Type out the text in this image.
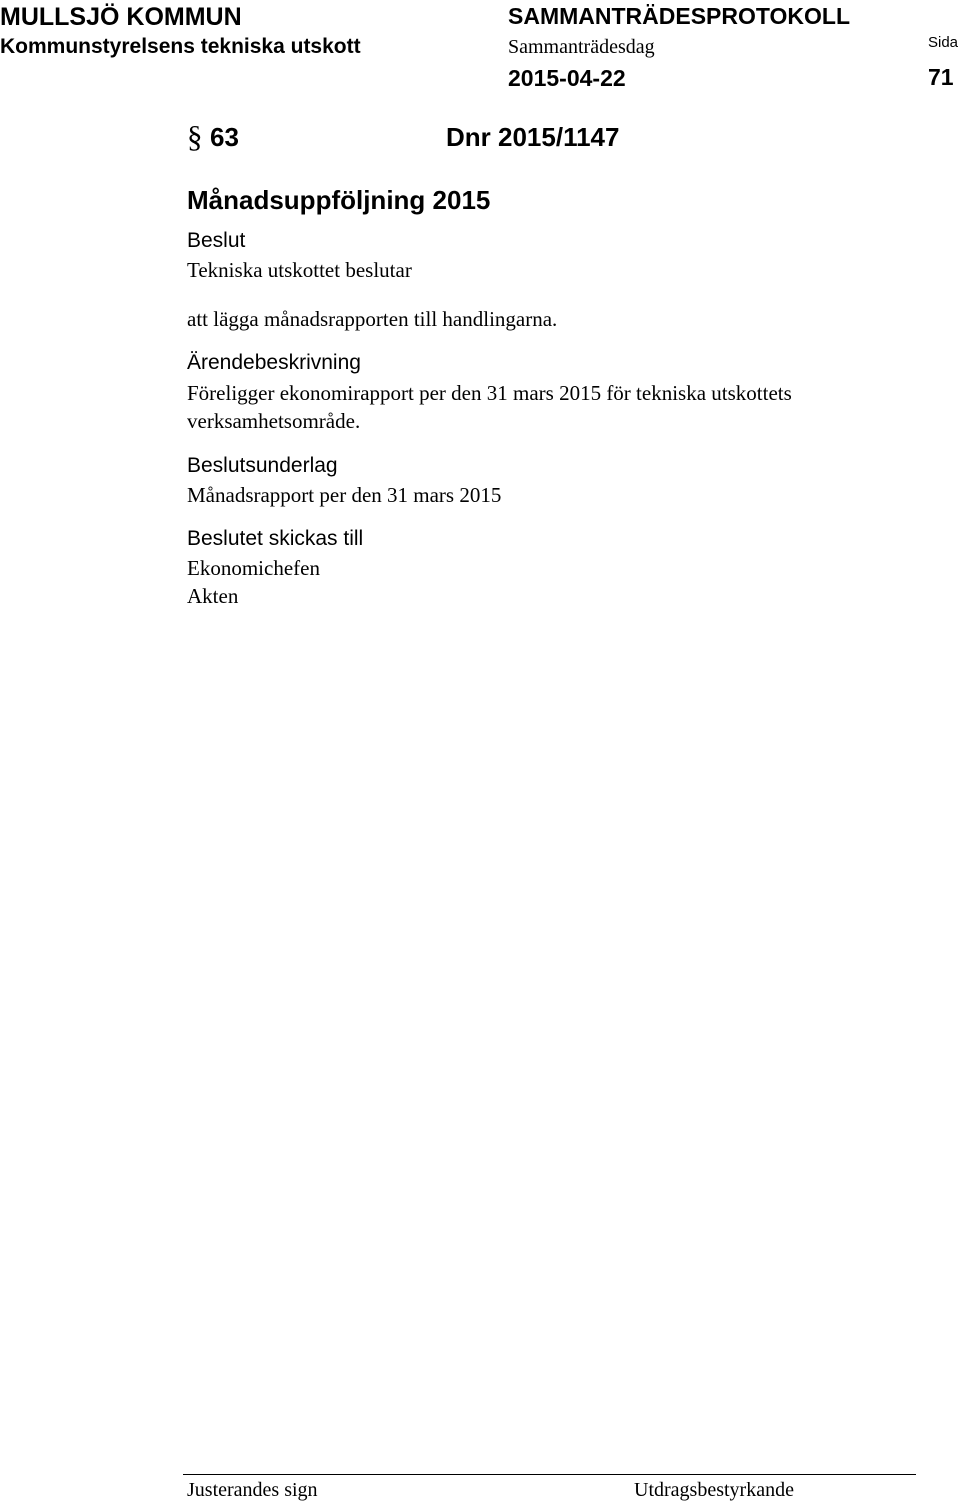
MULLSJÖ KOMMUN
Kommunstyrelsens tekniska utskott
SAMMANTRÄDESPROTOKOLL
Sammanträdesdag
2015-04-22
Sida
71
§ 63	Dnr 2015/1147
Månadsuppföljning 2015
Beslut
Tekniska utskottet beslutar
att lägga månadsrapporten till handlingarna.
Ärendebeskrivning
Föreligger ekonomirapport per den 31 mars 2015 för tekniska utskottets verksamhetsområde.
Beslutsunderlag
Månadsrapport per den 31 mars 2015
Beslutet skickas till
Ekonomichefen
Akten
Justerandes sign	Utdragsbestyrkande
